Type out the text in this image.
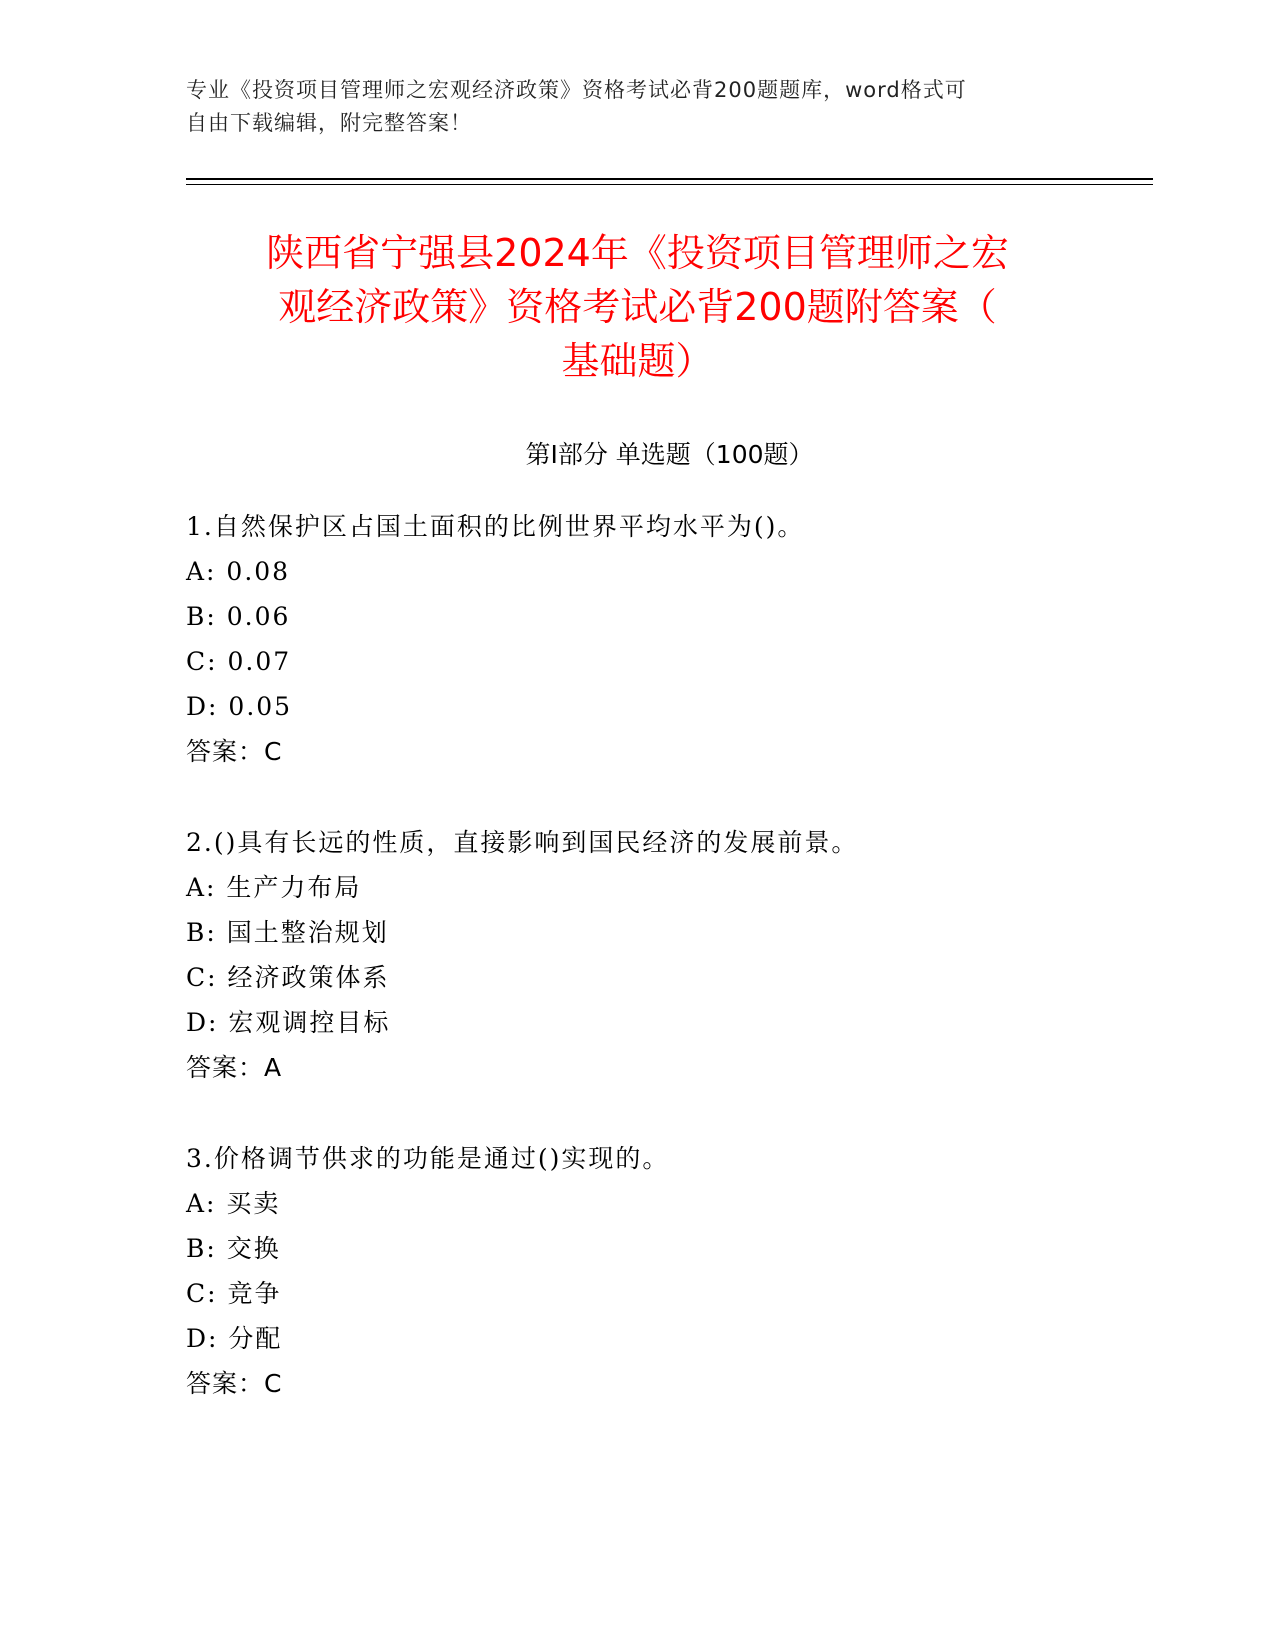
专业《投资项目管理师之宏观经济政策》资格考试必背200题题库，word格式可
自由下载编辑，附完整答案！
陕西省宁强县2024年《投资项目管理师之宏
观经济政策》资格考试必背200题附答案（
基础题）
第Ⅰ部分 单选题（100题）
1.自然保护区占国土面积的比例世界平均水平为()。
A: 0.08
B: 0.06
C: 0.07
D: 0.05
答案：C
2.()具有长远的性质，直接影响到国民经济的发展前景。
A: 生产力布局
B: 国土整治规划
C: 经济政策体系
D: 宏观调控目标
答案：A
3.价格调节供求的功能是通过()实现的。
A: 买卖
B: 交换
C: 竞争
D: 分配
答案：C
